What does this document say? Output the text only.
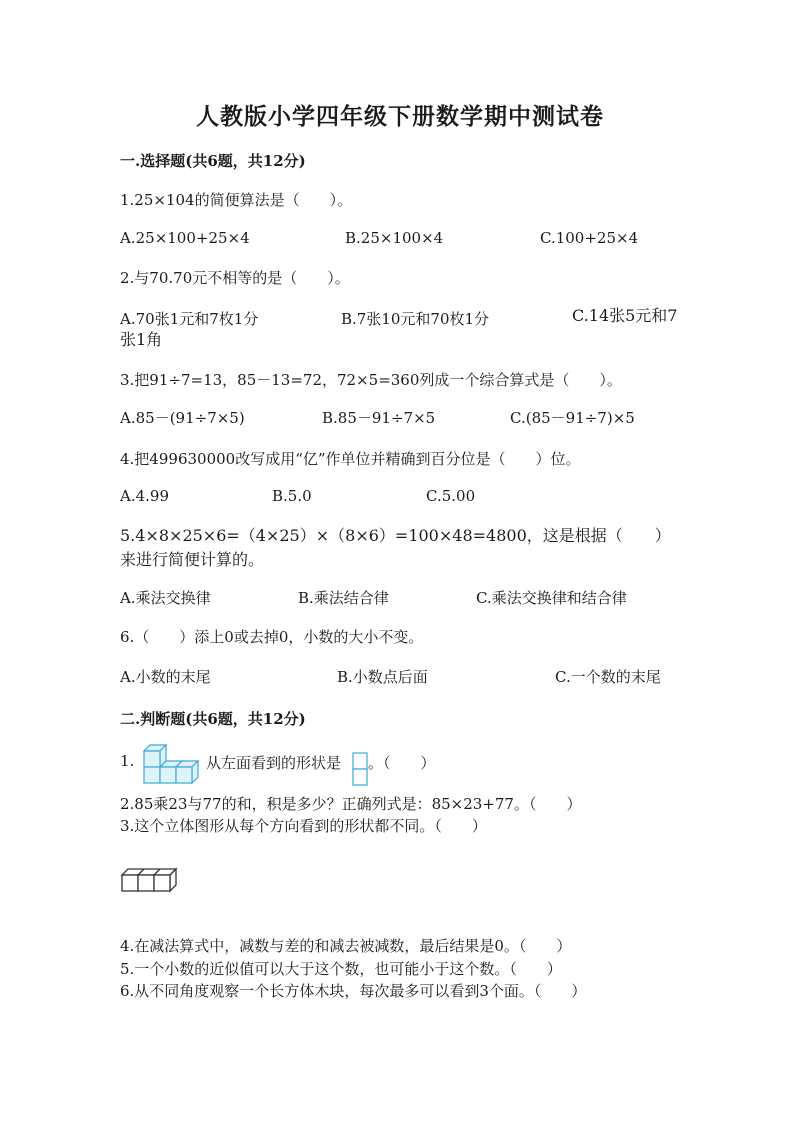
人教版小学四年级下册数学期中测试卷
一.选择题(共6题，共12分)
1.25×104的简便算法是（　　）。
A.25×100+25×4	B.25×100×4	C.100+25×4
2.与70.70元不相等的是（　　）。
A.70张1元和7枚1分	B.7张10元和70枚1分	C.14张5元和7张1角
3.把91÷7=13，85－13=72，72×5=360列成一个综合算式是（　　）。
A.85－(91÷7×5)	B.85－91÷7×5	C.(85－91÷7)×5
4.把499630000改写成用“亿”作单位并精确到百分位是（　　）位。
A.4.99	B.5.0	C.5.00
5.4×8×25×6=（4×25）×（8×6）=100×48=4800，这是根据（　　）来进行简便计算的。
A.乘法交换律	B.乘法结合律	C.乘法交换律和结合律
6.（　　）添上0或去掉0，小数的大小不变。
A.小数的末尾	B.小数点后面	C.一个数的末尾
二.判断题(共6题，共12分)
1.	从左面看到的形状是 。（　　）
2.85乘23与77的和，积是多少？正确列式是：85×23+77。（　　）
3.这个立体图形从每个方向看到的形状都不同。（　　）
4.在减法算式中，减数与差的和减去被减数，最后结果是0。（　　）
5.一个小数的近似值可以大于这个数，也可能小于这个数。（　　）
6.从不同角度观察一个长方体木块，每次最多可以看到3个面。（　　）
